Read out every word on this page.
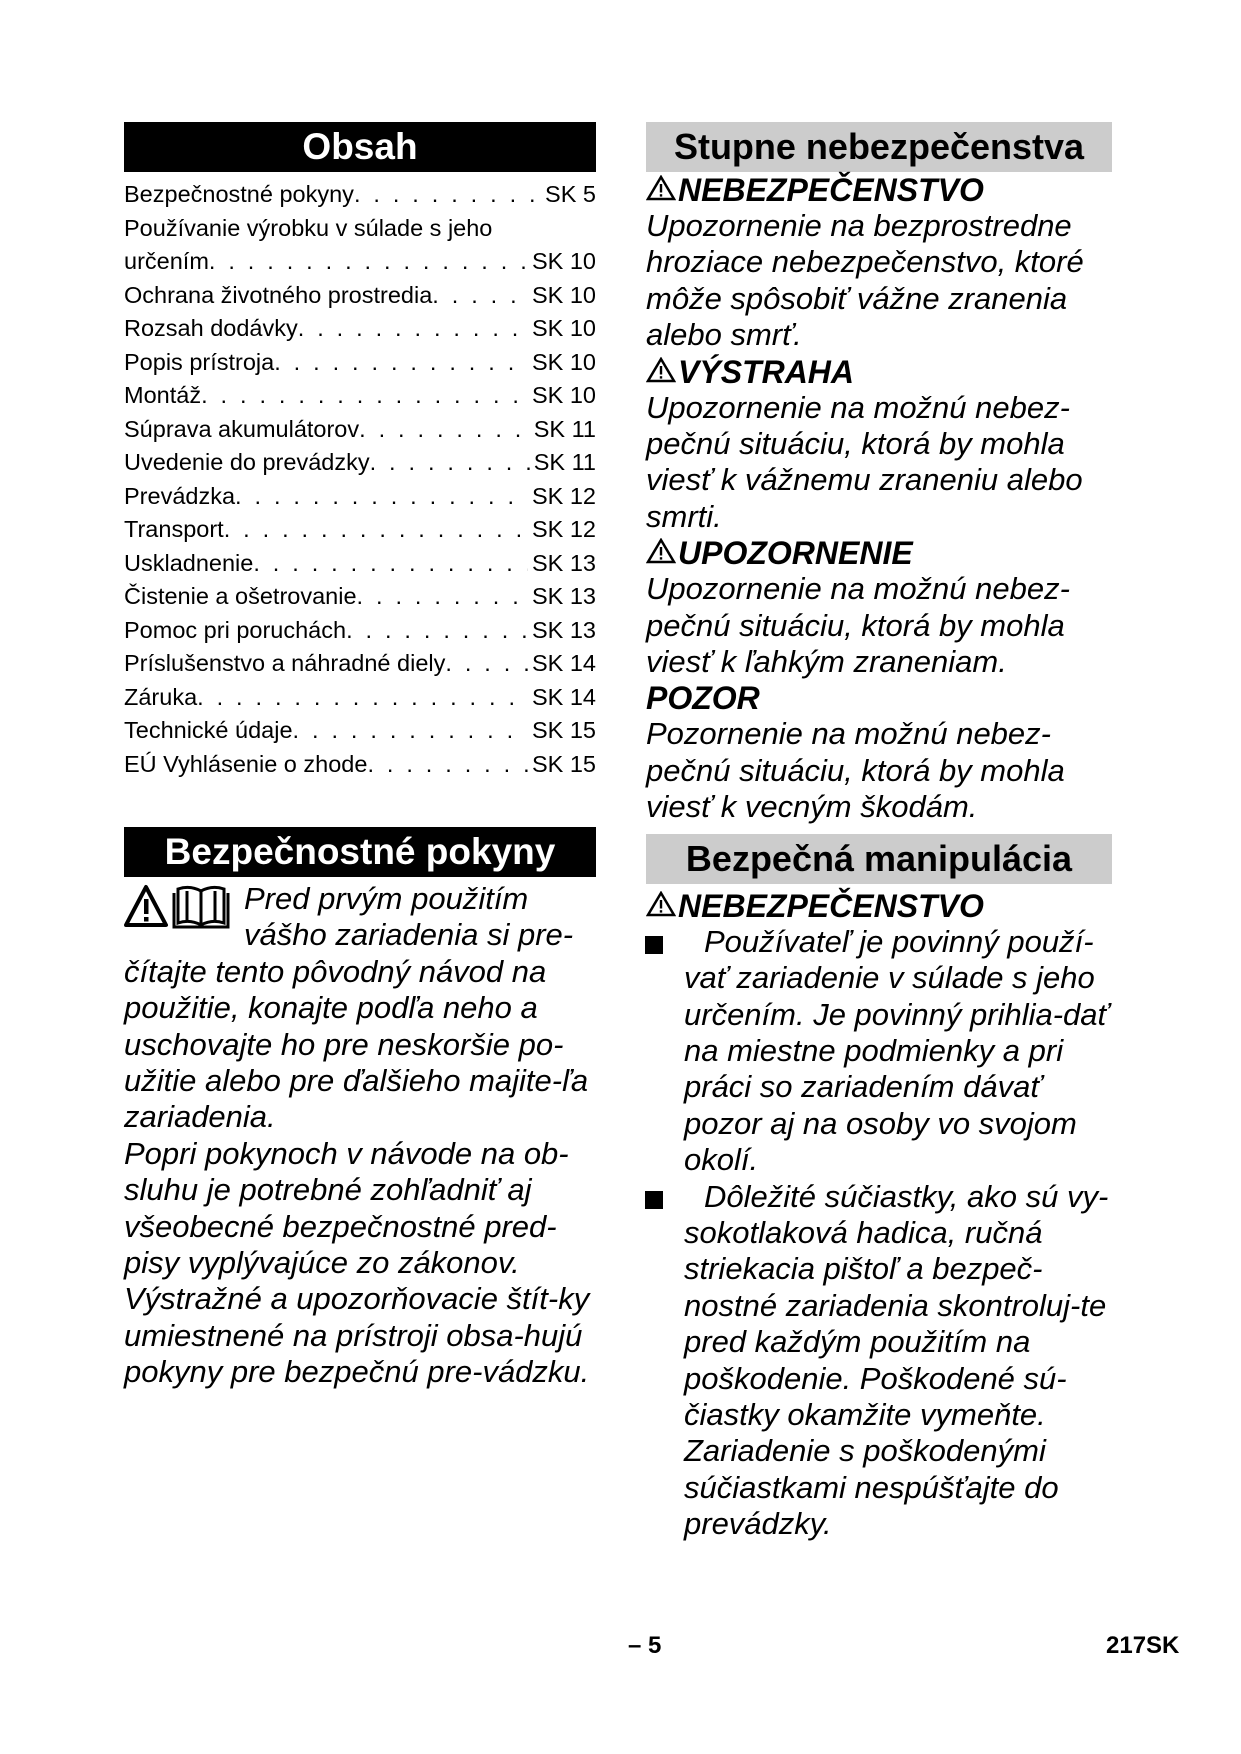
Obsah
Bezpečnostné pokyny . . .	SK 5
Používanie výrobku v súlade s jeho
určením . . .	SK 10
Ochrana životného prostredia . . .	SK 10
Rozsah dodávky . . .	SK 10
Popis prístroja . . .	SK 10
Montáž . . .	SK 10
Súprava akumulátorov . . .	SK 11
Uvedenie do prevádzky . . .	SK 11
Prevádzka . . .	SK 12
Transport . . .	SK 12
Uskladnenie . . .	SK 13
Čistenie a ošetrovanie . . .	SK 13
Pomoc pri poruchách . . .	SK 13
Príslušenstvo a náhradné diely . . .	SK 14
Záruka . . .	SK 14
Technické údaje . . .	SK 15
EÚ Vyhlásenie o zhode . . .	SK 15
Bezpečnostné pokyny
Pred prvým použitím
vášho zariadenia si pre-
čítajte tento pôvodný návod na použitie, konajte podľa neho a uschovajte ho pre neskoršie po-užitie alebo pre ďalšieho majite-ľa zariadenia.
Popri pokynoch v návode na ob-sluhu je potrebné zohľadniť aj všeobecné bezpečnostné pred-pisy vyplývajúce zo zákonov.
Výstražné a upozorňovacie štít-ky umiestnené na prístroji obsa-hujú pokyny pre bezpečnú pre-vádzku.
Stupne nebezpečenstva
NEBEZPEČENSTVO
Upozornenie na bezprostredne hroziace nebezpečenstvo, ktoré môže spôsobiť vážne zranenia alebo smrť.
VÝSTRAHA
Upozornenie na možnú nebez-pečnú situáciu, ktorá by mohla viesť k vážnemu zraneniu alebo smrti.
UPOZORNENIE
Upozornenie na možnú nebez-pečnú situáciu, ktorá by mohla viesť k ľahkým zraneniam.
POZOR
Pozornenie na možnú nebez-pečnú situáciu, ktorá by mohla viesť k vecným škodám.
Bezpečná manipulácia
NEBEZPEČENSTVO
Používateľ je povinný použí-vať zariadenie v súlade s jeho určením. Je povinný prihlia-dať na miestne podmienky a pri práci so zariadením dávať pozor aj na osoby vo svojom okolí.
Dôležité súčiastky, ako sú vy-sokotlaková hadica, ručná striekacia pištoľ a bezpeč-nostné zariadenia skontroluj-te pred každým použitím na poškodenie. Poškodené sú-čiastky okamžite vymeňte. Zariadenie s poškodenými súčiastkami nespúšťajte do prevádzky.
– 5	217SK
